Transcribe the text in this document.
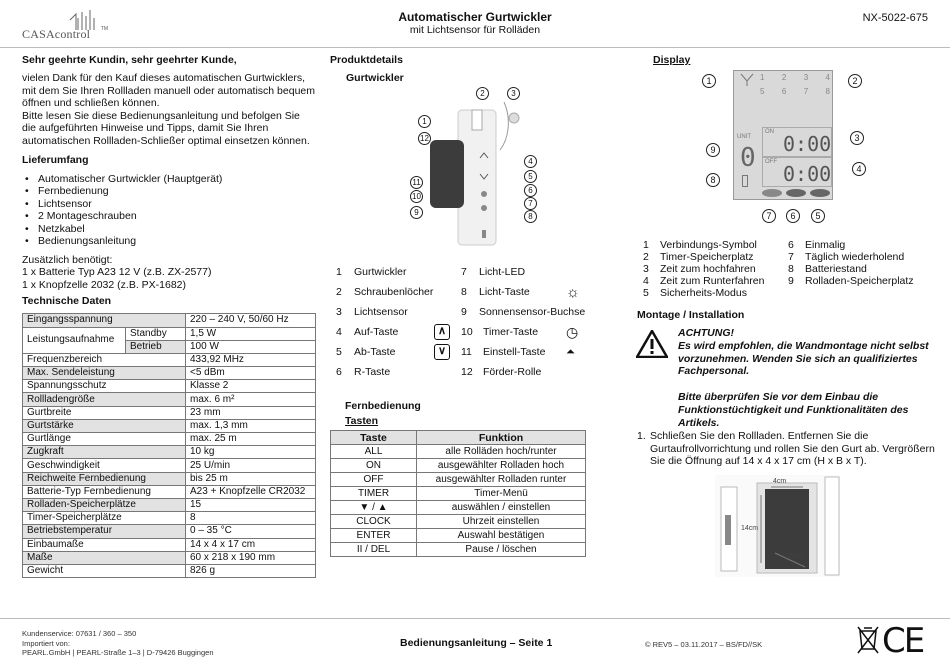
CASAcontrol TM
Automatischer Gurtwickler
mit Lichtsensor für Rolläden
NX-5022-675
Sehr geehrte Kundin, sehr geehrter Kunde,
vielen Dank für den Kauf dieses automatischen Gurtwicklers, mit dem Sie Ihren Rollladen manuell oder automatisch bequem öffnen und schließen können.
Bitte lesen Sie diese Bedienungsanleitung und befolgen Sie die aufgeführten Hinweise und Tipps, damit Sie Ihren automatischen Rollladen-Schließer optimal einsetzen können.
Lieferumfang
• Automatischer Gurtwickler (Hauptgerät)
• Fernbedienung
• Lichtsensor
• 2 Montageschrauben
• Netzkabel
• Bedienungsanleitung
Zusätzlich benötigt:
1 x Batterie Typ A23 12 V (z.B. ZX-2577)
1 x Knopfzelle 2032 (z.B. PX-1682)
Technische Daten
Eingangsspannung		220 – 240 V, 50/60 Hz
Leistungsaufnahme	Standby	1,5 W
	Betrieb	100 W
Frequenzbereich		433,92 MHz
Max. Sendeleistung		<5 dBm
Spannungsschutz		Klasse 2
Rollladengröße		max. 6 m²
Gurtbreite		23 mm
Gurtstärke		max. 1,3 mm
Gurtlänge		max. 25 m
Zugkraft		10 kg
Geschwindigkeit		25 U/min
Reichweite Fernbedienung		bis 25 m
Batterie-Typ Fernbedienung		A23 + Knopfzelle CR2032
Rolladen-Speicherplätze		15
Timer-Speicherplätze		8
Betriebstemperatur		0 – 35 °C
Einbaumaße		14 x 4 x 17 cm
Maße		60 x 218 x 190 mm
Gewicht		826 g
Produktdetails
Gurtwickler
2	3
1
12
4
5
6
7
8
11
10
9
1	Gurtwickler	7	Licht-LED
2	Schraubenlöcher	8	Licht-Taste	☼
3	Lichtsensor	9	Sonnensensor-Buchse
4	Auf-Taste	∧	10 Timer-Taste	◷
5	Ab-Taste	∨	11	Einstell-Taste	⏶
6	R-Taste	12 Förder-Rolle
Fernbedienung
Tasten
Taste	Funktion
ALL	alle Rolläden hoch/runter
ON	ausgewählter Rolladen hoch
OFF	ausgewählter Rolladen runter
TIMER	Timer-Menü
▼ / ▲	auswählen / einstellen
CLOCK	Uhrzeit einstellen
ENTER	Auswahl bestätigen
II / DEL	Pause / löschen
Display
1 2 3 4
5 6 7 8
UNIT
0
ON 0:00
OFF 0:00
1	2
3
4
9
8
7	6	5
1	Verbindungs-Symbol	6	Einmalig
2	Timer-Speicherplatz	7	Täglich wiederholend
3	Zeit zum hochfahren	8	Batteriestand
4	Zeit zum Runterfahren	9	Rolladen-Speicherplatz
5	Sicherheits-Modus
Montage / Installation
ACHTUNG!
Es wird empfohlen, die Wandmontage nicht selbst vorzunehmen. Wenden Sie sich an qualifiziertes Fachpersonal.
Bitte überprüfen Sie vor dem Einbau die Funktionstüchtigkeit und Funktionalitäten des Artikels.
1. Schließen Sie den Rollladen. Entfernen Sie die Gurtaufrollvorrichtung und rollen Sie den Gurt ab. Vergrößern Sie die Öffnung auf 14 x 4 x 17 cm (H x B x T).
4cm
14cm
17cm
Kundenservice: 07631 / 360 – 350
Importiert von:
PEARL.GmbH | PEARL-Straße 1–3 | D-79426 Buggingen
Bedienungsanleitung – Seite 1	© REV5 – 03.11.2017 – BS/FD//SK	CE
